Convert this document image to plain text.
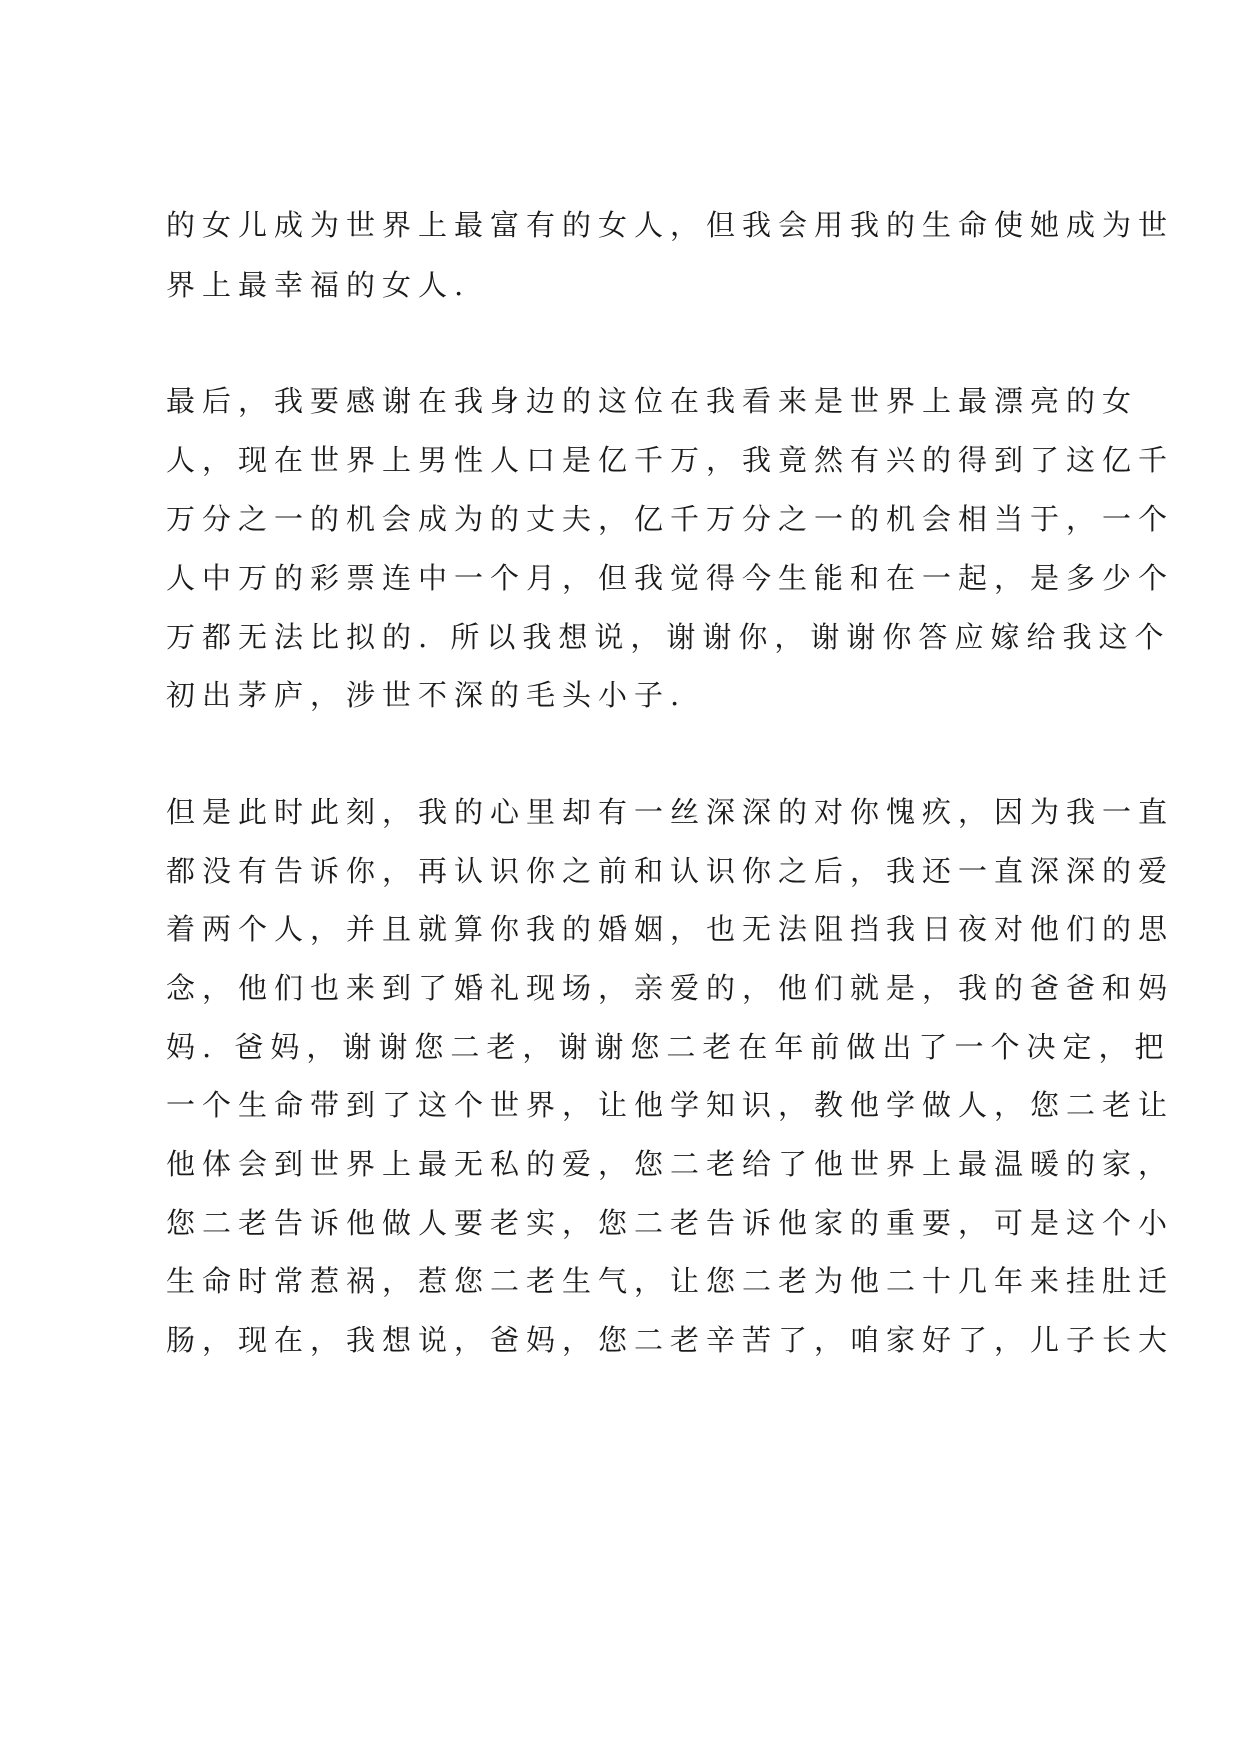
的女儿成为世界上最富有的女人，但我会用我的生命使她成为世
界上最幸福的女人.
最后，我要感谢在我身边的这位在我看来是世界上最漂亮的女
人，现在世界上男性人口是亿千万，我竟然有兴的得到了这亿千
万分之一的机会成为的丈夫，亿千万分之一的机会相当于，一个
人中万的彩票连中一个月，但我觉得今生能和在一起，是多少个
万都无法比拟的. 所以我想说，谢谢你，谢谢你答应嫁给我这个
初出茅庐，涉世不深的毛头小子.
但是此时此刻，我的心里却有一丝深深的对你愧疚，因为我一直
都没有告诉你，再认识你之前和认识你之后，我还一直深深的爱
着两个人，并且就算你我的婚姻，也无法阻挡我日夜对他们的思
念，他们也来到了婚礼现场，亲爱的，他们就是，我的爸爸和妈
妈. 爸妈，谢谢您二老，谢谢您二老在年前做出了一个决定，把
一个生命带到了这个世界，让他学知识，教他学做人，您二老让
他体会到世界上最无私的爱，您二老给了他世界上最温暖的家，
您二老告诉他做人要老实，您二老告诉他家的重要，可是这个小
生命时常惹祸，惹您二老生气，让您二老为他二十几年来挂肚迁
肠，现在，我想说，爸妈，您二老辛苦了，咱家好了，儿子长大
